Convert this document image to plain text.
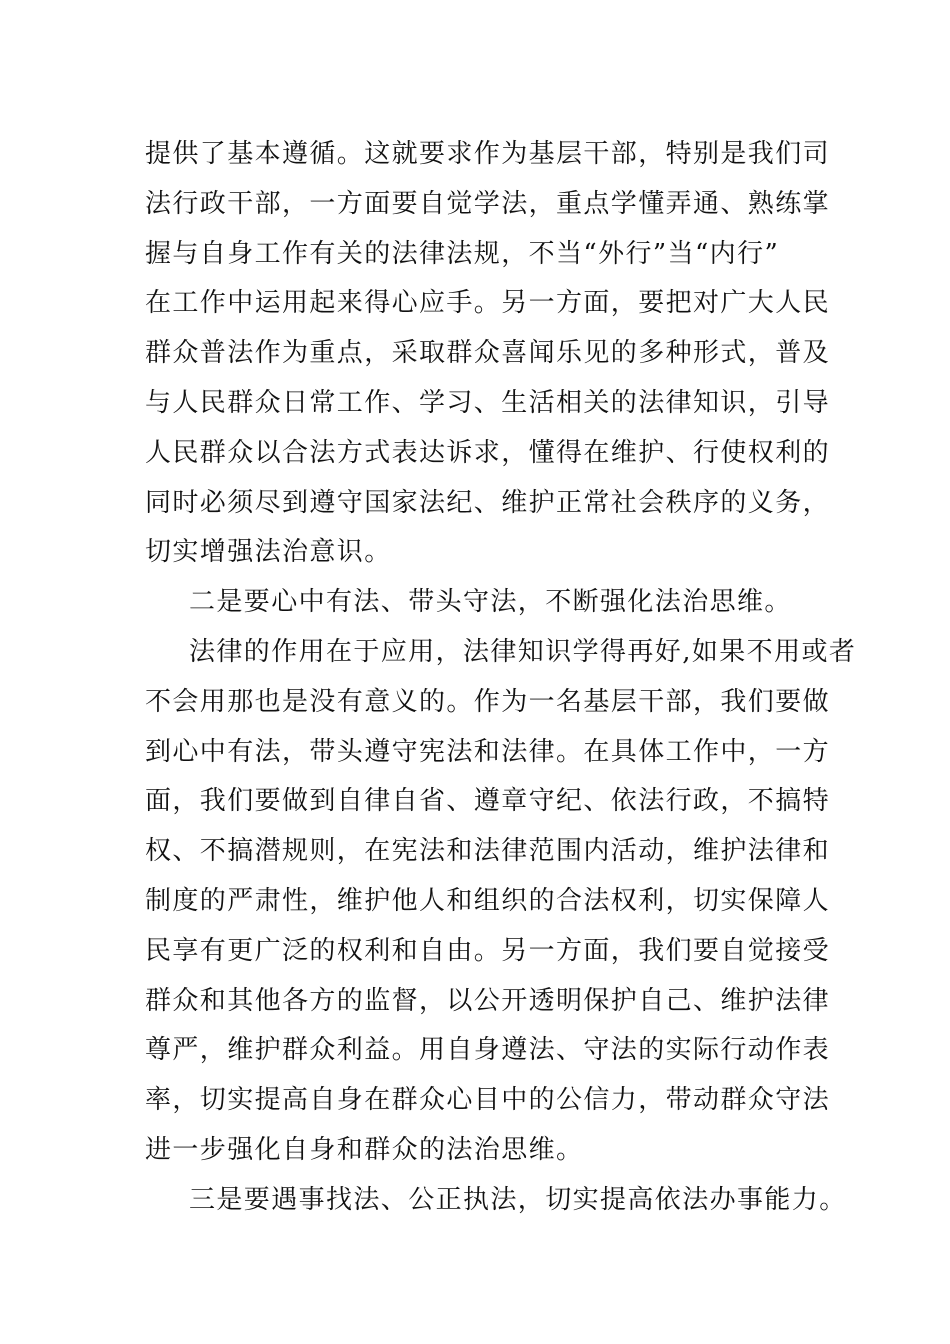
提供了基本遵循。这就要求作为基层干部，特别是我们司
法行政干部，一方面要自觉学法，重点学懂弄通、熟练掌
握与自身工作有关的法律法规，不当“外行”当“内行”
在工作中运用起来得心应手。另一方面，要把对广大人民
群众普法作为重点，采取群众喜闻乐见的多种形式，普及
与人民群众日常工作、学习、生活相关的法律知识，引导
人民群众以合法方式表达诉求，懂得在维护、行使权利的
同时必须尽到遵守国家法纪、维护正常社会秩序的义务，
切实增强法治意识。
二是要心中有法、带头守法，不断强化法治思维。
法律的作用在于应用，法律知识学得再好,如果不用或者
不会用那也是没有意义的。作为一名基层干部，我们要做
到心中有法，带头遵守宪法和法律。在具体工作中，一方
面，我们要做到自律自省、遵章守纪、依法行政，不搞特
权、不搞潜规则，在宪法和法律范围内活动，维护法律和
制度的严肃性，维护他人和组织的合法权利，切实保障人
民享有更广泛的权利和自由。另一方面，我们要自觉接受
群众和其他各方的监督，以公开透明保护自己、维护法律
尊严，维护群众利益。用自身遵法、守法的实际行动作表
率，切实提高自身在群众心目中的公信力，带动群众守法
进一步强化自身和群众的法治思维。
三是要遇事找法、公正执法，切实提高依法办事能力。
